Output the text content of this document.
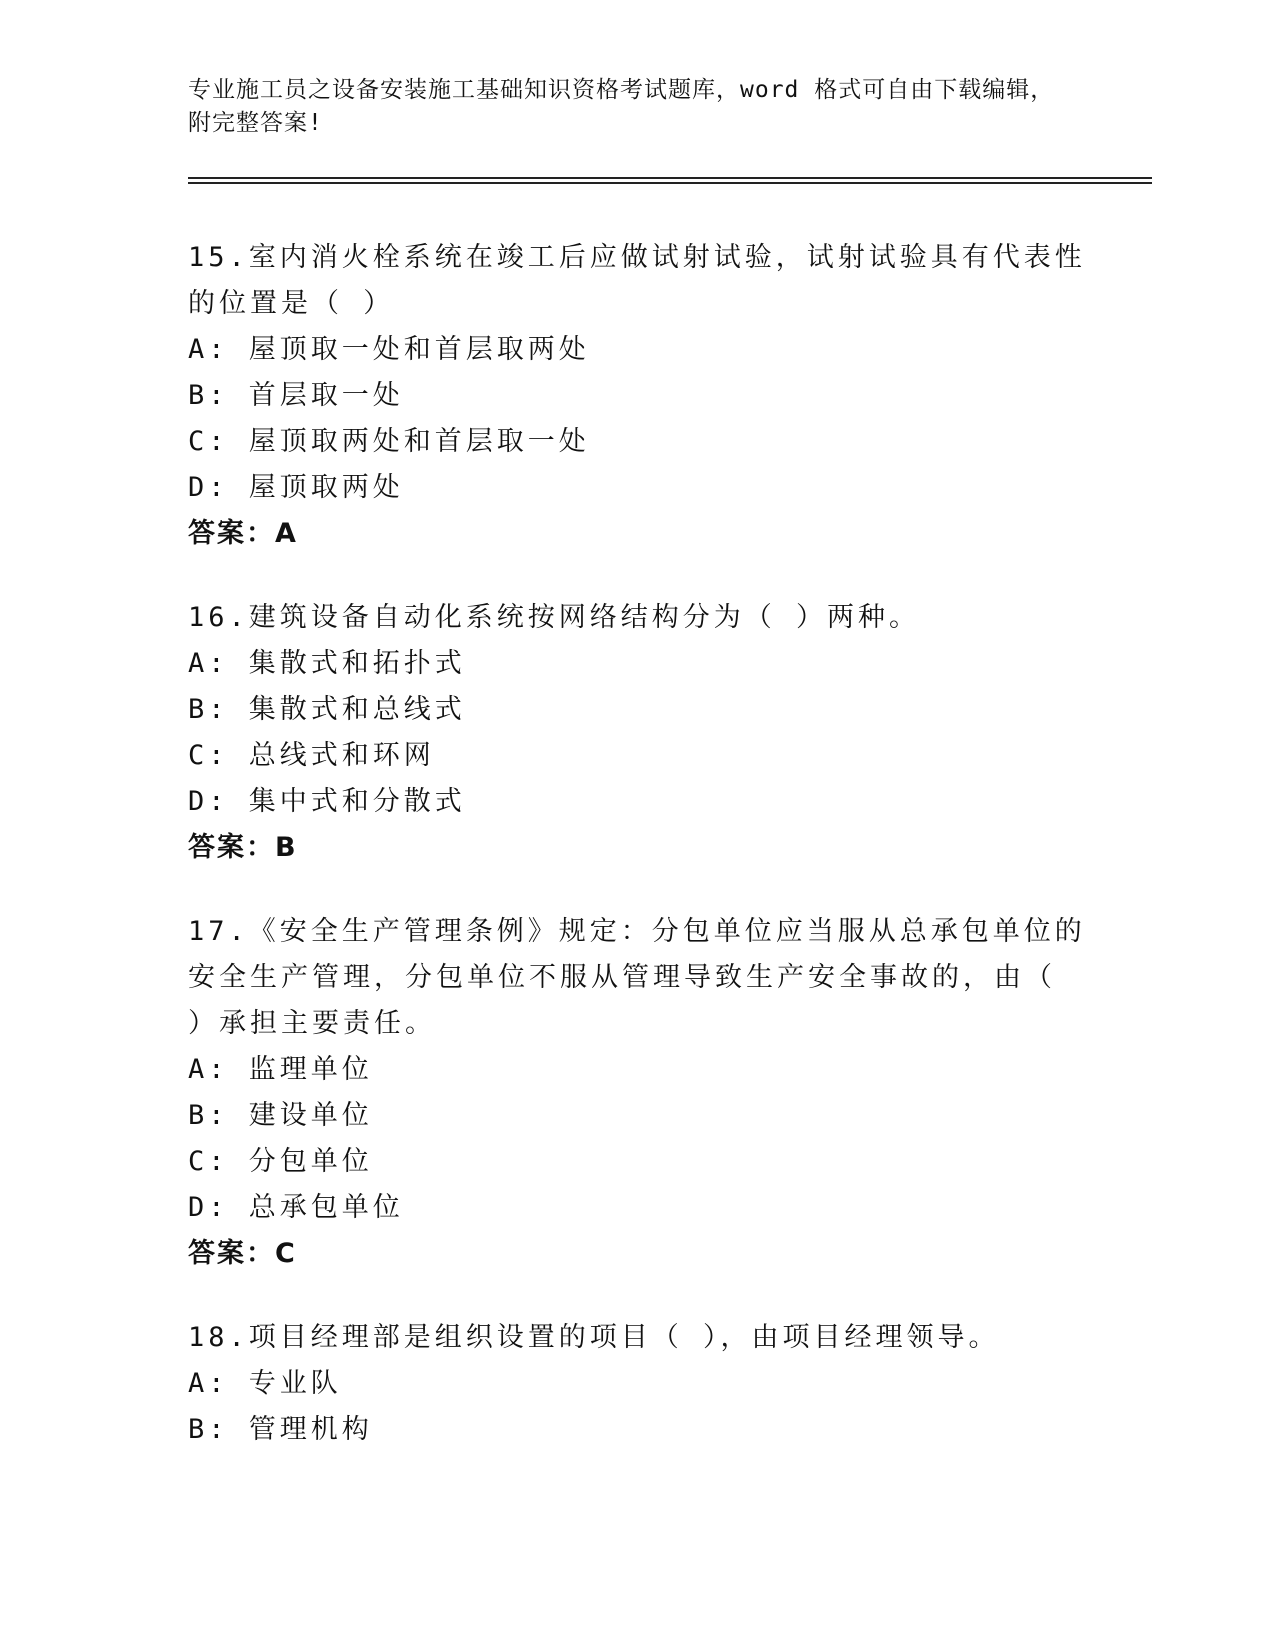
专业施工员之设备安装施工基础知识资格考试题库，word 格式可自由下载编辑，
附完整答案!

15.室内消火栓系统在竣工后应做试射试验，试射试验具有代表性的位置是（ ）

A: 屋顶取一处和首层取两处

B: 首层取一处

C: 屋顶取两处和首层取一处

D: 屋顶取两处

答案：A

16.建筑设备自动化系统按网络结构分为（ ）两种。

A: 集散式和拓扑式

B: 集散式和总线式

C: 总线式和环网

D: 集中式和分散式

答案：B

17.《安全生产管理条例》规定：分包单位应当服从总承包单位的安全生产管理，分包单位不服从管理导致生产安全事故的，由（ ）承担主要责任。

A: 监理单位

B: 建设单位

C: 分包单位

D: 总承包单位

答案：C

18.项目经理部是组织设置的项目（ ），由项目经理领导。

A: 专业队

B: 管理机构
